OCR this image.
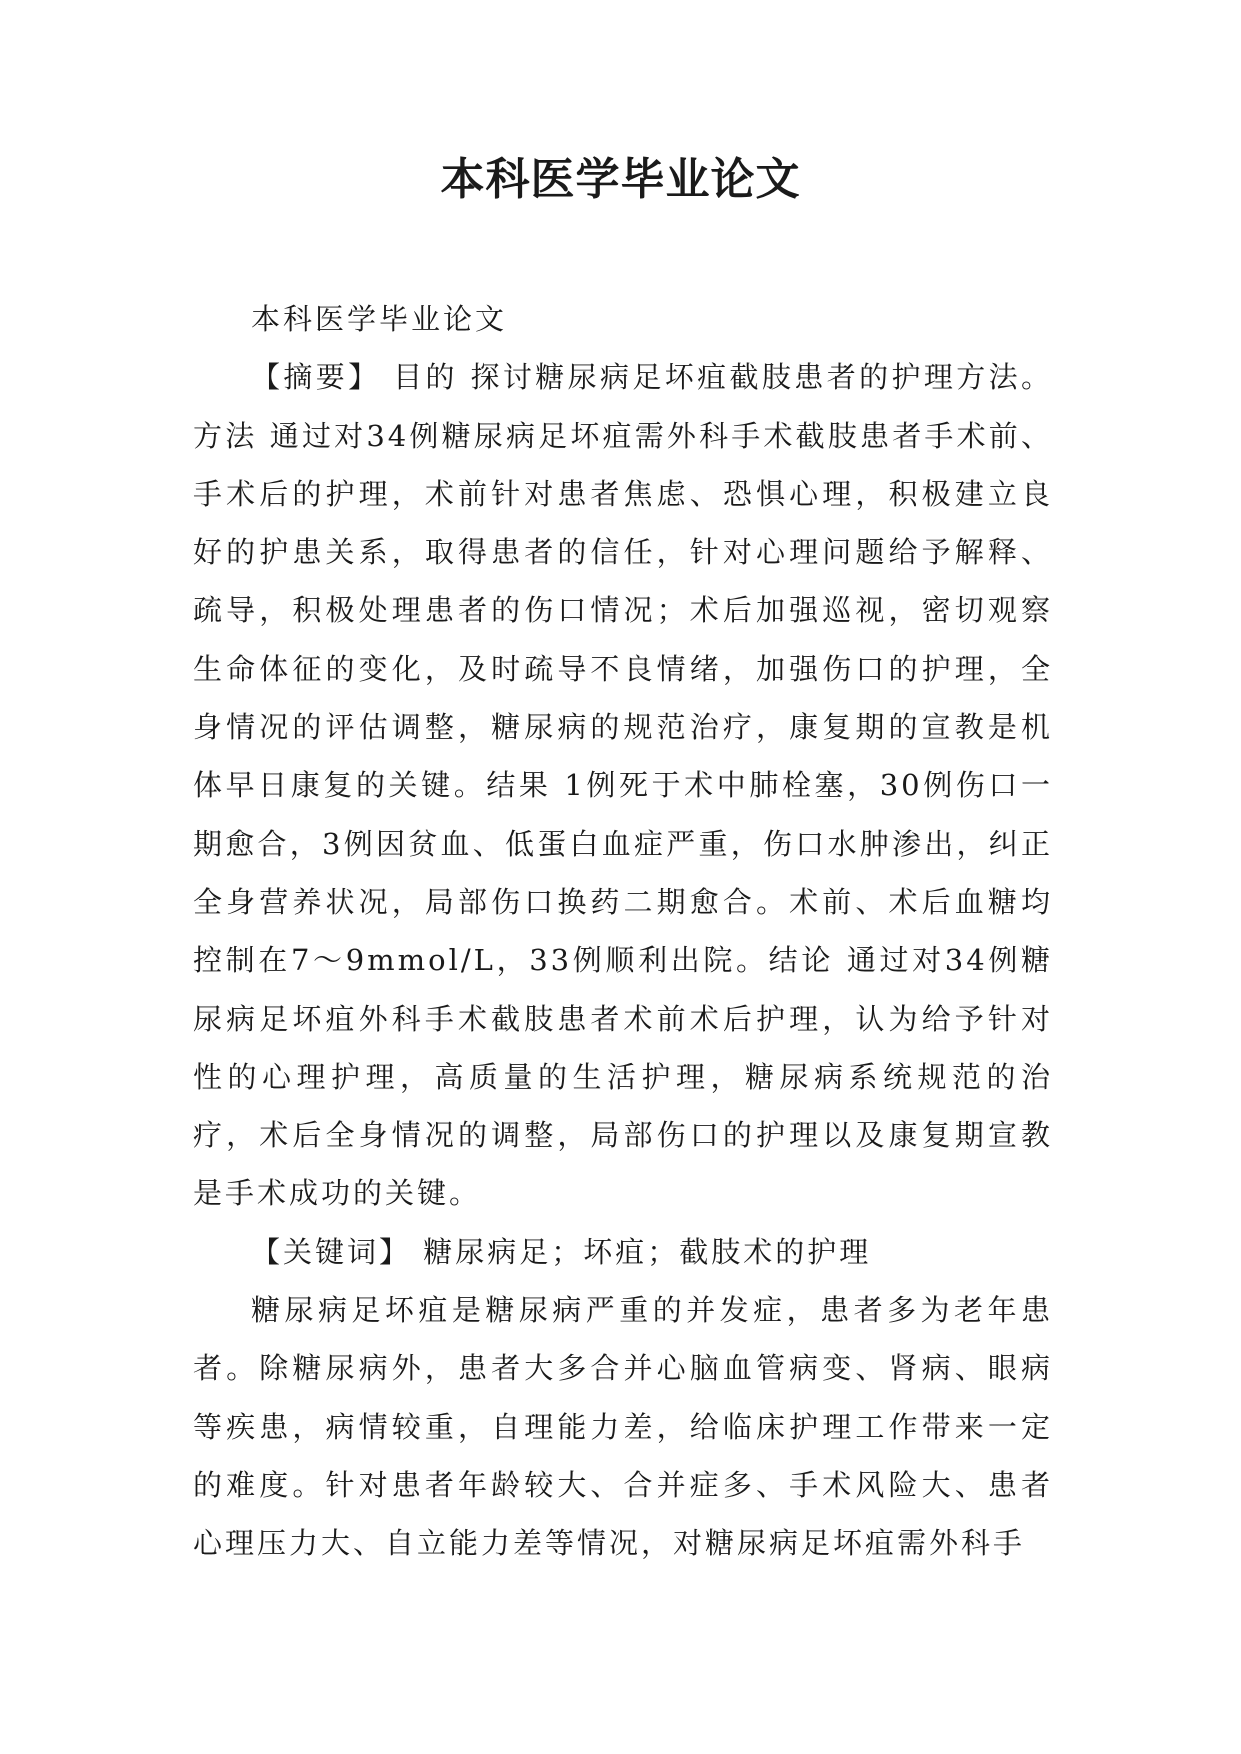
本科医学毕业论文

本科医学毕业论文

【摘要】 目的 探讨糖尿病足坏疽截肢患者的护理方法。方法 通过对34例糖尿病足坏疽需外科手术截肢患者手术前、手术后的护理，术前针对患者焦虑、恐惧心理，积极建立良好的护患关系，取得患者的信任，针对心理问题给予解释、疏导，积极处理患者的伤口情况；术后加强巡视，密切观察生命体征的变化，及时疏导不良情绪，加强伤口的护理，全身情况的评估调整，糖尿病的规范治疗，康复期的宣教是机体早日康复的关键。结果 1例死于术中肺栓塞，30例伤口一期愈合，3例因贫血、低蛋白血症严重，伤口水肿渗出，纠正全身营养状况，局部伤口换药二期愈合。术前、术后血糖均控制在7～9mmol/L，33例顺利出院。结论 通过对34例糖尿病足坏疽外科手术截肢患者术前术后护理，认为给予针对性的心理护理，高质量的生活护理，糖尿病系统规范的治疗，术后全身情况的调整，局部伤口的护理以及康复期宣教是手术成功的关键。

【关键词】 糖尿病足；坏疽；截肢术的护理

糖尿病足坏疽是糖尿病严重的并发症，患者多为老年患者。除糖尿病外，患者大多合并心脑血管病变、肾病、眼病等疾患，病情较重，自理能力差，给临床护理工作带来一定的难度。针对患者年龄较大、合并症多、手术风险大、患者心理压力大、自立能力差等情况，对糖尿病足坏疽需外科手
